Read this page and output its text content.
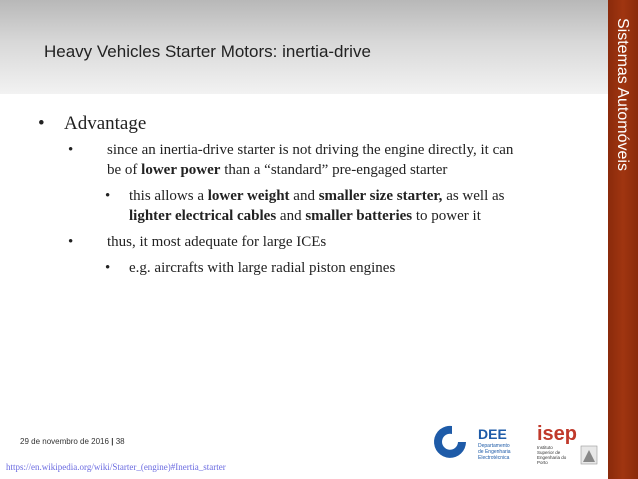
Heavy Vehicles Starter Motors: inertia-drive	Sistemas Automóveis
•	Advantage
•	since an inertia-drive starter is not driving the engine directly, it can
be of lower power than a “standard” pre-engaged starter
•	this allows a lower weight and smaller size starter, as well as
lighter electrical cables and smaller batteries to power it
•	thus, it most adequate for large ICEs
•	e.g. aircrafts with large radial piston engines
29 de novembro de 2016 | 38
https://en.wikipedia.org/wiki/Starter_(engine)#Inertia_starter
DEE
Departamento
de Engenharia
Electrotécnica
isep
Instituto
Superior de
Engenharia do
Porto
